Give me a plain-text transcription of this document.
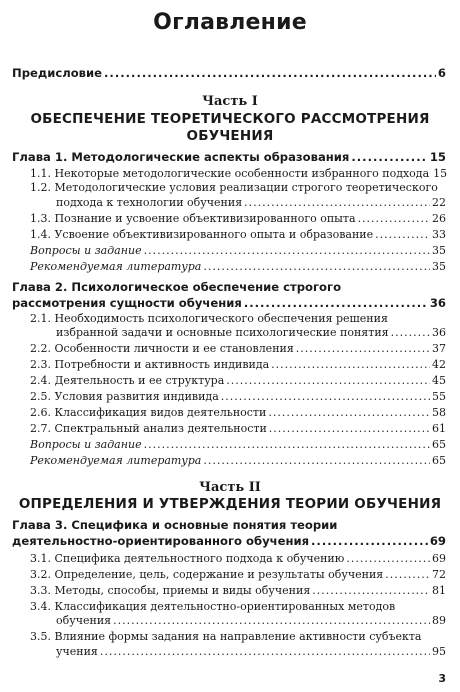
Оглавление
Предисловие .....	6
Часть I
ОБЕСПЕЧЕНИЕ ТЕОРЕТИЧЕСКОГО РАССМОТРЕНИЯ
ОБУЧЕНИЯ
Глава 1. Методологические аспекты образования .....	15
1.1. Некоторые методологические особенности избранного подхода 15
1.2. Методологические условия реализации строгого теоретического
подхода к технологии обучения .....	22
1.3. Познание и усвоение объективизированного опыта .....	26
1.4. Усвоение объективизированного опыта и образование .....	33
Вопросы и задание .....	35
Рекомендуемая литература .....	35
Глава 2. Психологическое обеспечение строгого
рассмотрения сущности обучения .....	36
2.1. Необходимость психологического обеспечения решения
избранной задачи и основные психологические понятия .....	36
2.2. Особенности личности и ее становления .....	37
2.3. Потребности и активность индивида .....	42
2.4. Деятельность и ее структура .....	45
2.5. Условия развития индивида .....	55
2.6. Классификация видов деятельности .....	58
2.7. Спектральный анализ деятельности .....	61
Вопросы и задание .....	65
Рекомендуемая литература .....	65
Часть II
ОПРЕДЕЛЕНИЯ И УТВЕРЖДЕНИЯ ТЕОРИИ ОБУЧЕНИЯ
Глава 3. Специфика и основные понятия теории
деятельностно-ориентированного обучения .....	69
3.1. Специфика деятельностного подхода к обучению .....	69
3.2. Определение, цель, содержание и результаты обучения .....	72
3.3. Методы, способы, приемы и виды обучения .....	81
3.4. Классификация деятельностно-ориентированных методов
обучения .....	89
3.5. Влияние формы задания на направление активности субъекта
учения .....	95
3
